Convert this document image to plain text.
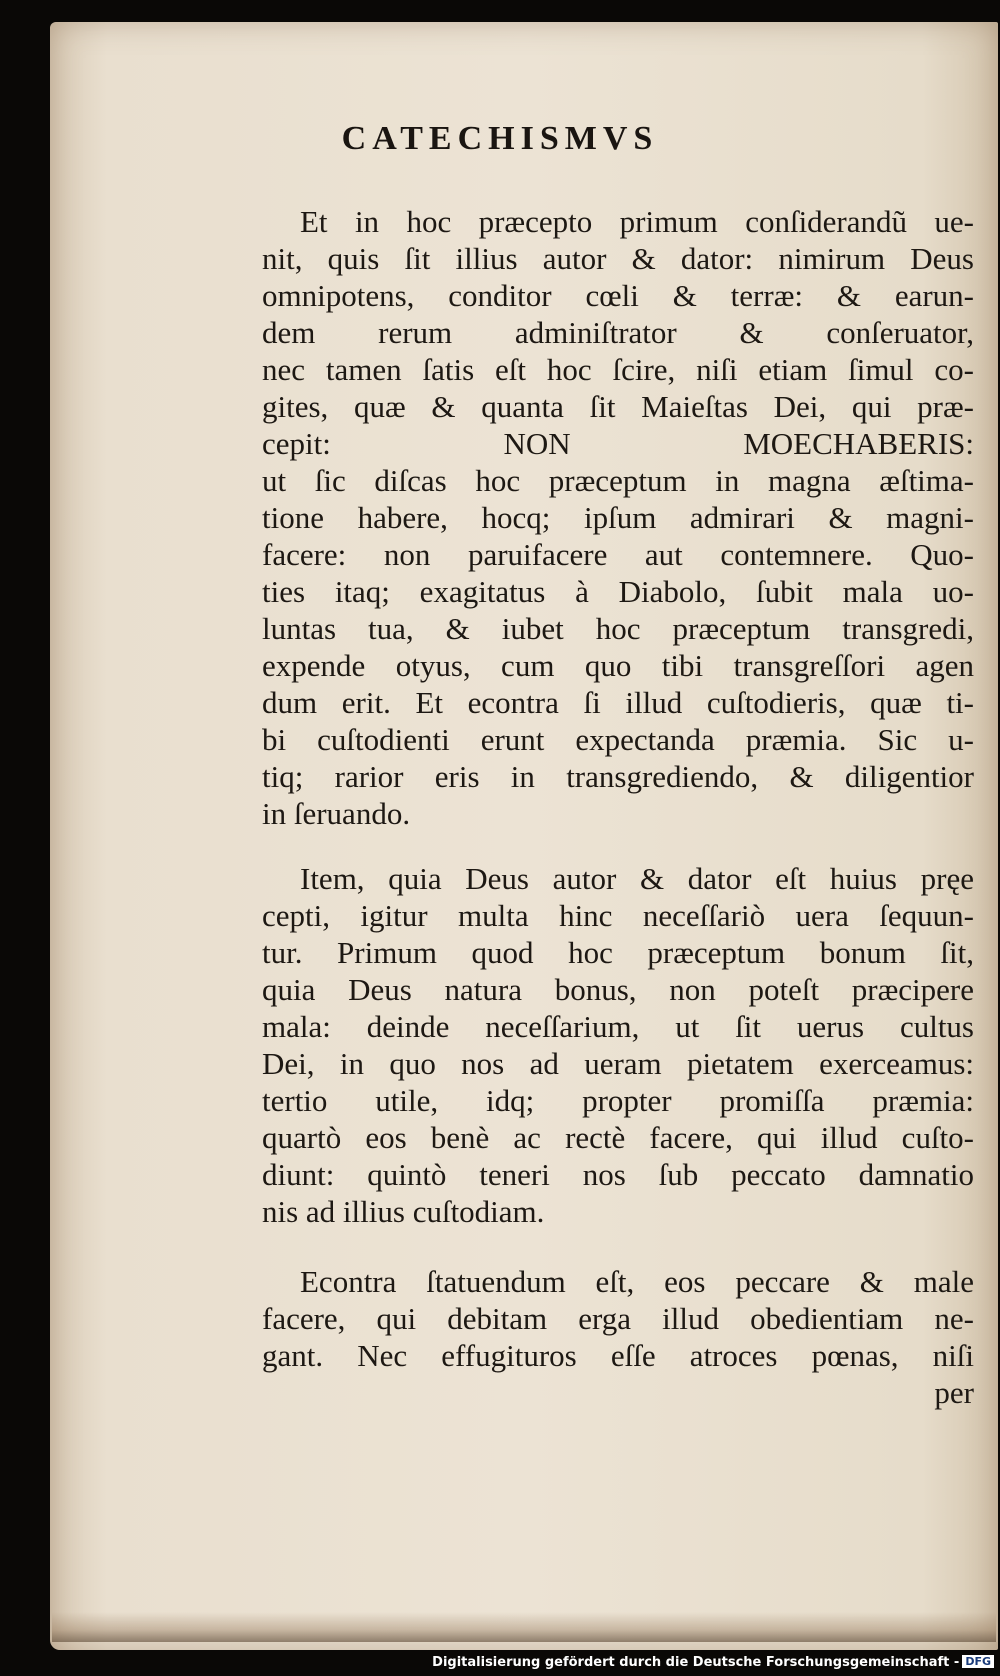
CATECHISMVS
Et in hoc præcepto primum conſiderandũ ue-
nit, quis ſit illius autor & dator: nimirum Deus
omnipotens, conditor cœli & terræ: & earun-
dem rerum adminiſtrator & conſeruator,
nec tamen ſatis eſt hoc ſcire, niſi etiam ſimul co-
gites, quæ & quanta ſit Maieſtas Dei, qui præ-
cepit: NON MOECHABERIS:
ut ſic diſcas hoc præceptum in magna æſtima-
tione habere, hocq; ipſum admirari & magni-
facere: non paruifacere aut contemnere. Quo-
ties itaq; exagitatus à Diabolo, ſubit mala uo-
luntas tua, & iubet hoc præceptum transgredi,
expende otyus, cum quo tibi transgreſſori agen
dum erit. Et econtra ſi illud cuſtodieris, quæ ti-
bi cuſtodienti erunt expectanda præmia. Sic u-
tiq; rarior eris in transgrediendo, & diligentior
in ſeruando.
Item, quia Deus autor & dator eſt huius pręe
cepti, igitur multa hinc neceſſariò uera ſequun-
tur. Primum quod hoc præceptum bonum ſit,
quia Deus natura bonus, non poteſt præcipere
mala: deinde neceſſarium, ut ſit uerus cultus
Dei, in quo nos ad ueram pietatem exerceamus:
tertio utile, idq; propter promiſſa præmia:
quartò eos benè ac rectè facere, qui illud cuſto-
diunt: quintò teneri nos ſub peccato damnatio
nis ad illius cuſtodiam.
Econtra ſtatuendum eſt, eos peccare & male
facere, qui debitam erga illud obedientiam ne-
gant. Nec effugituros eſſe atroces pœnas, niſi
per
Digitalisierung gefördert durch die Deutsche Forschungsgemeinschaft - DFG
